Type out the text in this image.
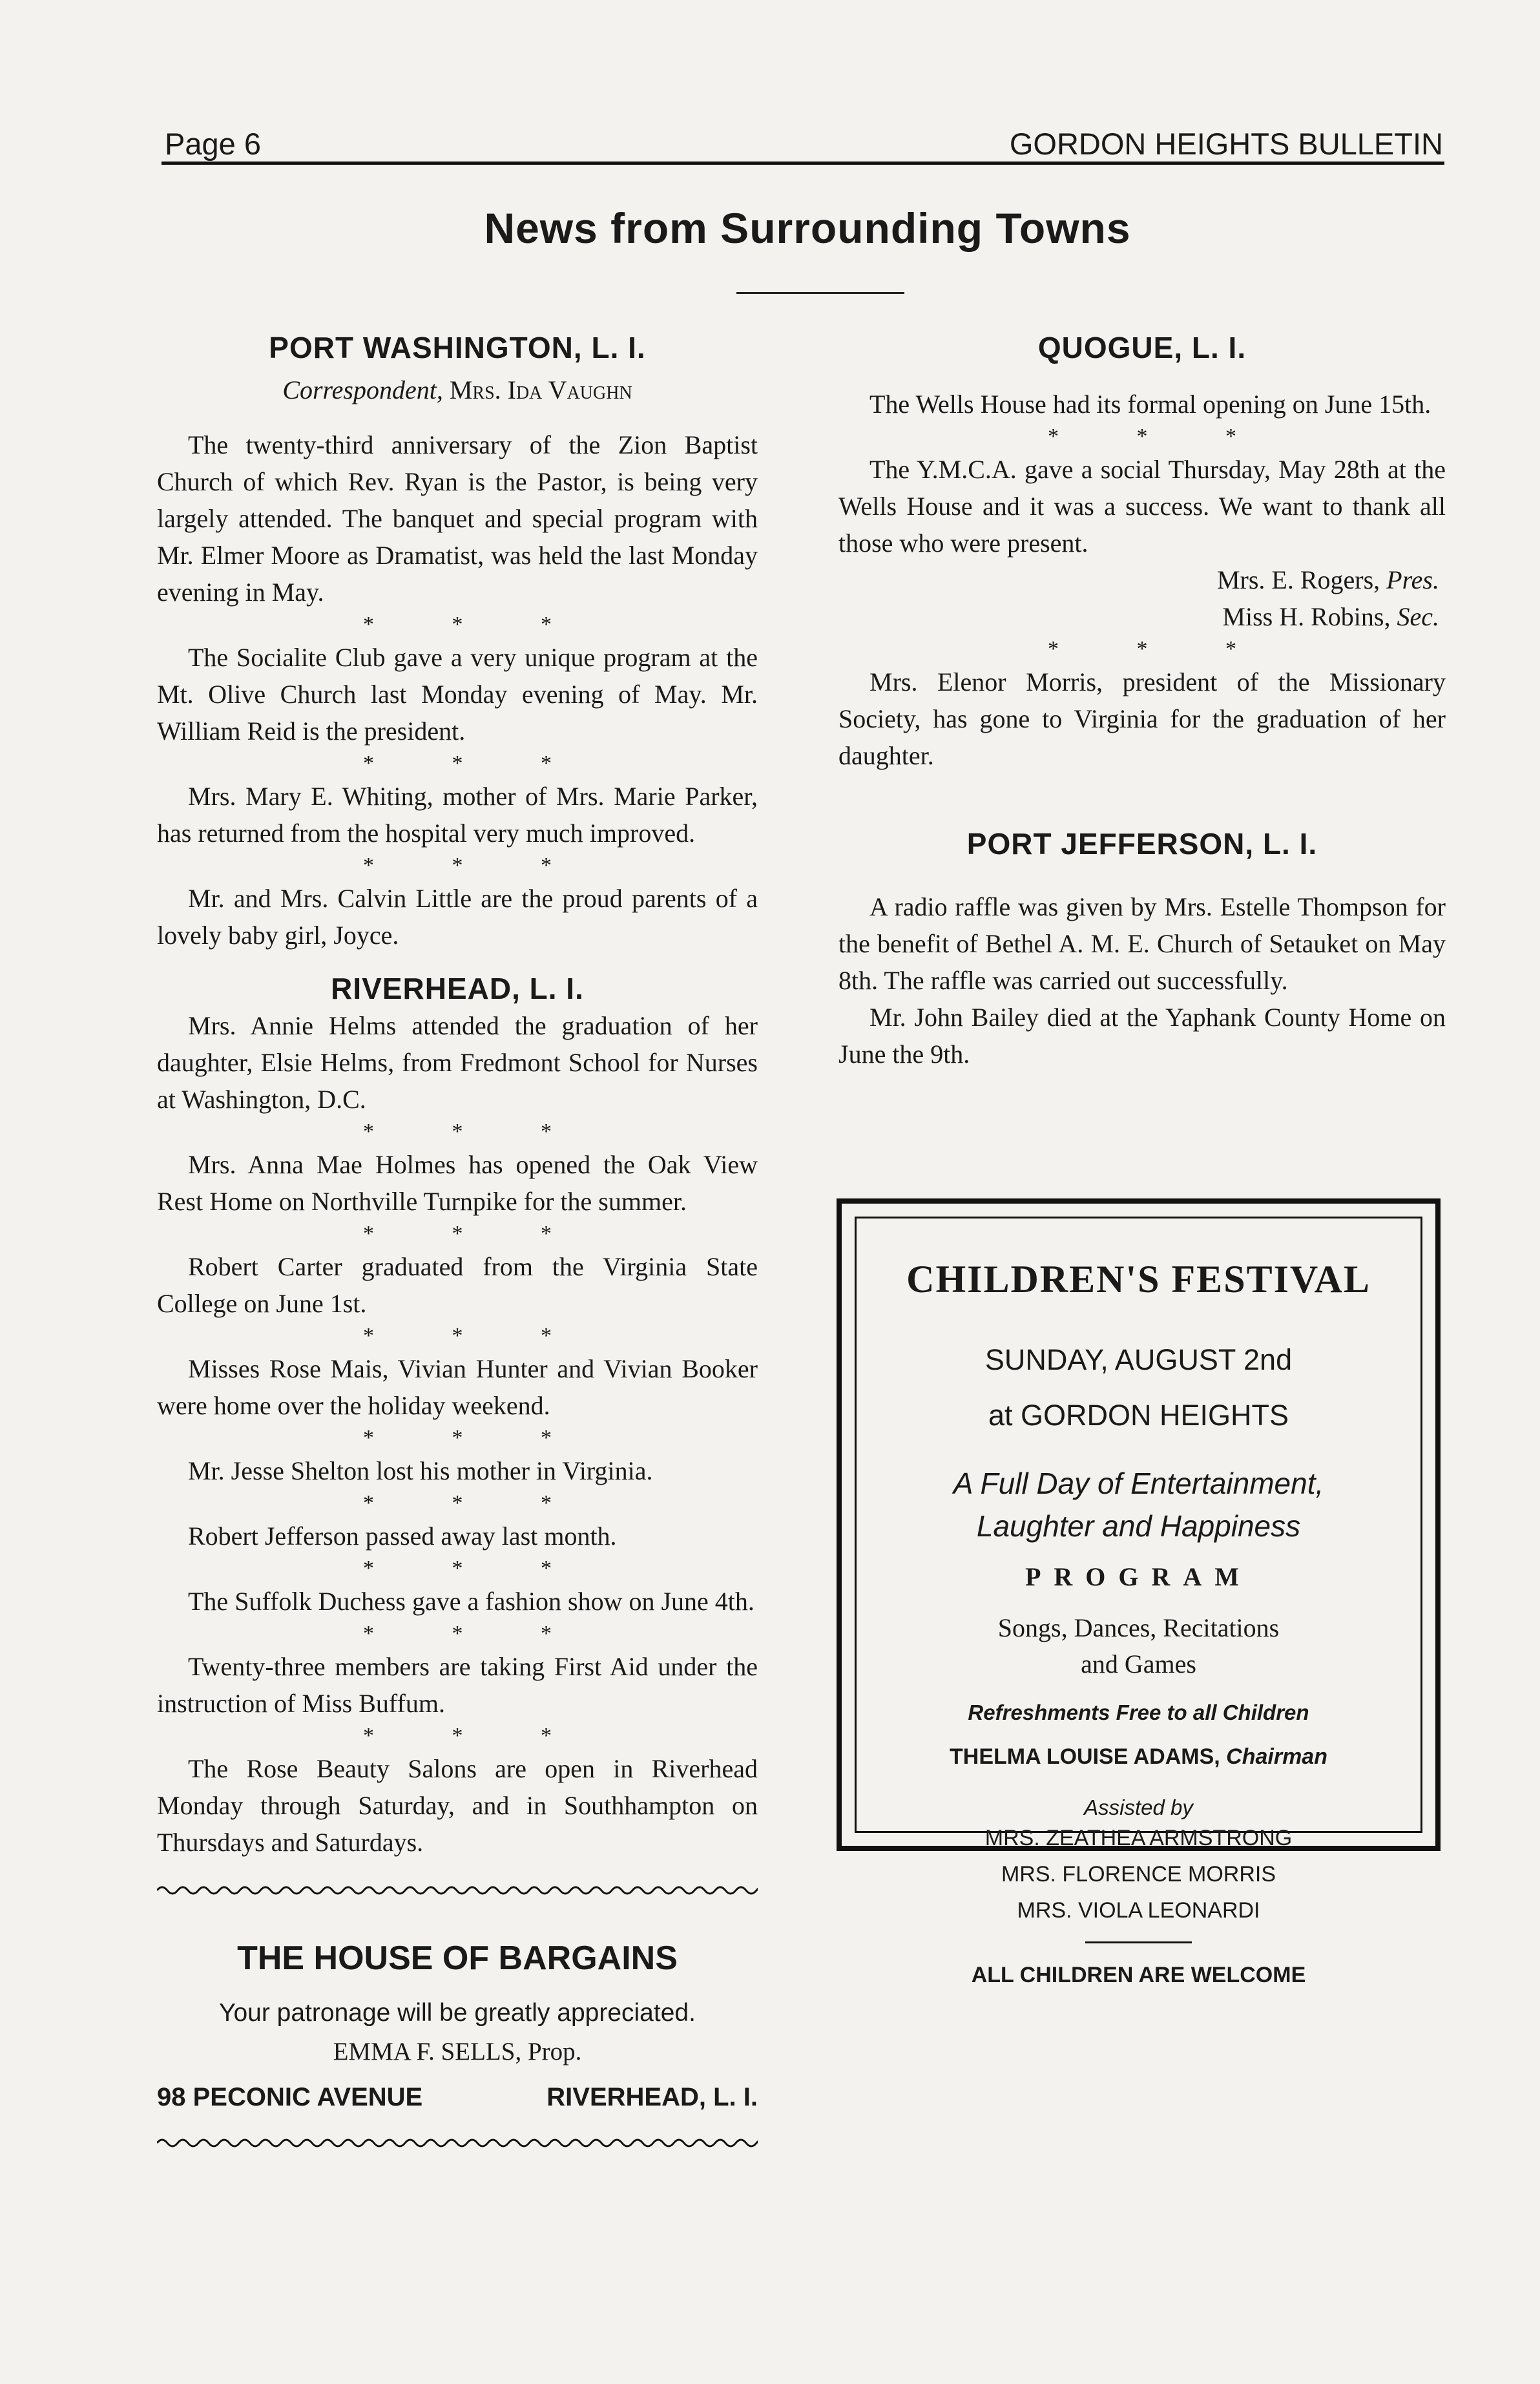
Page 6	GORDON HEIGHTS BULLETIN
News from Surrounding Towns
PORT WASHINGTON, L. I.
Correspondent, Mrs. Ida Vaughn

The twenty-third anniversary of the Zion Baptist Church of which Rev. Ryan is the Pastor, is being very largely attended. The banquet and special program with Mr. Elmer Moore as Dramatist, was held the last Monday evening in May.

* * *

The Socialite Club gave a very unique program at the Mt. Olive Church last Monday evening of May. Mr. William Reid is the president.

* * *

Mrs. Mary E. Whiting, mother of Mrs. Marie Parker, has returned from the hospital very much improved.

* * *

Mr. and Mrs. Calvin Little are the proud parents of a lovely baby girl, Joyce.

RIVERHEAD, L. I.

Mrs. Annie Helms attended the graduation of her daughter, Elsie Helms, from Fredmont School for Nurses at Washington, D.C.

* * *

Mrs. Anna Mae Holmes has opened the Oak View Rest Home on Northville Turnpike for the summer.

* * *

Robert Carter graduated from the Virginia State College on June 1st.

* * *

Misses Rose Mais, Vivian Hunter and Vivian Booker were home over the holiday weekend.

* * *

Mr. Jesse Shelton lost his mother in Virginia.

* * *

Robert Jefferson passed away last month.

* * *

The Suffolk Duchess gave a fashion show on June 4th.

* * *

Twenty-three members are taking First Aid under the instruction of Miss Buffum.

* * *

The Rose Beauty Salons are open in Riverhead Monday through Saturday, and in Southhampton on Thursdays and Saturdays.

THE HOUSE OF BARGAINS
Your patronage will be greatly appreciated.
EMMA F. SELLS, Prop.
98 PECONIC AVENUE	RIVERHEAD, L. I.
QUOGUE, L. I.

The Wells House had its formal opening on June 15th.

* * *

The Y.M.C.A. gave a social Thursday, May 28th at the Wells House and it was a success. We want to thank all those who were present.

Mrs. E. Rogers, Pres.
Miss H. Robins, Sec.
* * *

Mrs. Elenor Morris, president of the Missionary Society, has gone to Virginia for the graduation of her daughter.

PORT JEFFERSON, L. I.

A radio raffle was given by Mrs. Estelle Thompson for the benefit of Bethel A. M. E. Church of Setauket on May 8th. The raffle was carried out successfully.

Mr. John Bailey died at the Yaphank County Home on June the 9th.

CHILDREN'S FESTIVAL
SUNDAY, AUGUST 2nd
at GORDON HEIGHTS
A Full Day of Entertainment,
Laughter and Happiness
PROGRAM
Songs, Dances, Recitations
and Games
Refreshments Free to all Children
THELMA LOUISE ADAMS, Chairman
Assisted by
MRS. ZEATHEA ARMSTRONG
MRS. FLORENCE MORRIS
MRS. VIOLA LEONARDI
ALL CHILDREN ARE WELCOME
